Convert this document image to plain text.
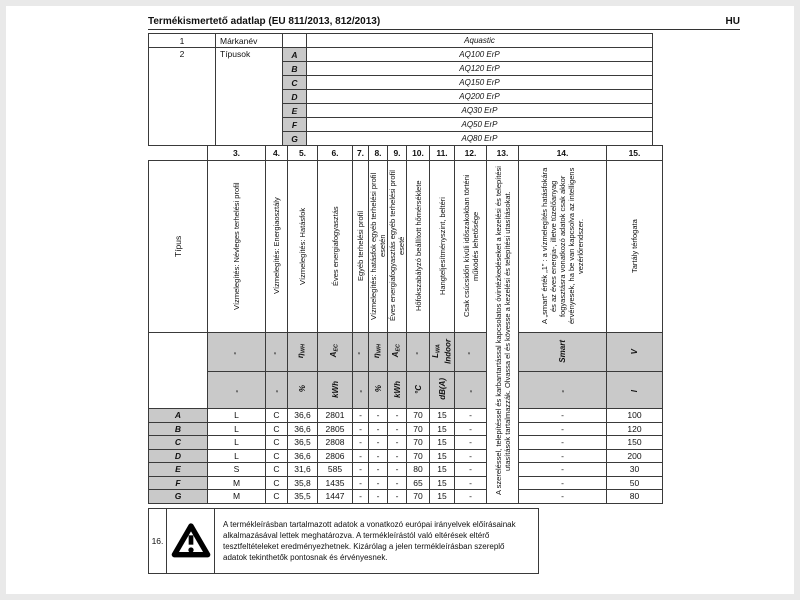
Termékismertető adatlap (EU 811/2013, 812/2013)	HU
1	Márkanév		Aquastic
2	Típusok	A	AQ100 ErP
		B	AQ120 ErP
		C	AQ150 ErP
		D	AQ200 ErP
		E	AQ30 ErP
		F	AQ50 ErP
		G	AQ80 ErP
	3.	4.	5.	6.	7.	8.	9.	10.	11.	12.	13.	14.	15.
Típus	Vízmelegítés: Névleges terhelési profil	Vízmelegítés: Energiaosztály	Vízmelegítés: Hatásfok	Éves energiafogyasztás	Egyéb terhelési profil	Vízmelegítés: hatásfok egyéb terhelési profil esetén	Éves energiafogyasztás egyéb terhelési profil eseté	Hőfokszabályzó beállított hőmérséklete	Hangteljesítményszint, beltéri	Csak csúcsidőn kívüli időszakokban történi működés lehetősége	A szereléssel, telepítéssel és karbantartással kapcsolatos óvintézkedéseket a kezelési és telepítési utasítások tartalmazzák. Olvassa el és kövesse a kezelési és telepítési utasításokat.	A „smart” érték „1” : a vízmelegítés hatásfokára és az éves energia-, illetve tüzelőanyag fogyasztásra vonatkozó adatok csak akkor érvényesek, ha be van kapcsolva az intelligens vezérlőrendszer.	Tartály térfogata
	-	-	$\eta_{WH}$	$A_{EC}$	-	$\eta_{WH}$	$A_{EC}$	-	$L_{WA}$ Indoor	-		Smart	V
	-	-	%	kWh	-	%	kWh	°C	dB(A)	-		-	l
A	L	C	36,6	2801	-	-	-	70	15	-		-	100
B	L	C	36,6	2805	-	-	-	70	15	-		-	120
C	L	C	36,5	2808	-	-	-	70	15	-		-	150
D	L	C	36,6	2806	-	-	-	70	15	-		-	200
E	S	C	31,6	585	-	-	-	80	15	-		-	30
F	M	C	35,8	1435	-	-	-	65	15	-		-	50
G	M	C	35,5	1447	-	-	-	70	15	-		-	80
16.		A termékleírásban tartalmazott adatok a vonatkozó európai irányelvek előírásainak alkalmazásával lettek meghatározva. A termékleírástól való eltérések eltérő tesztfeltételeket eredményezhetnek. Kizárólag a jelen termékleírásban szereplő adatok tekinthetők pontosnak és érvényesnek.
